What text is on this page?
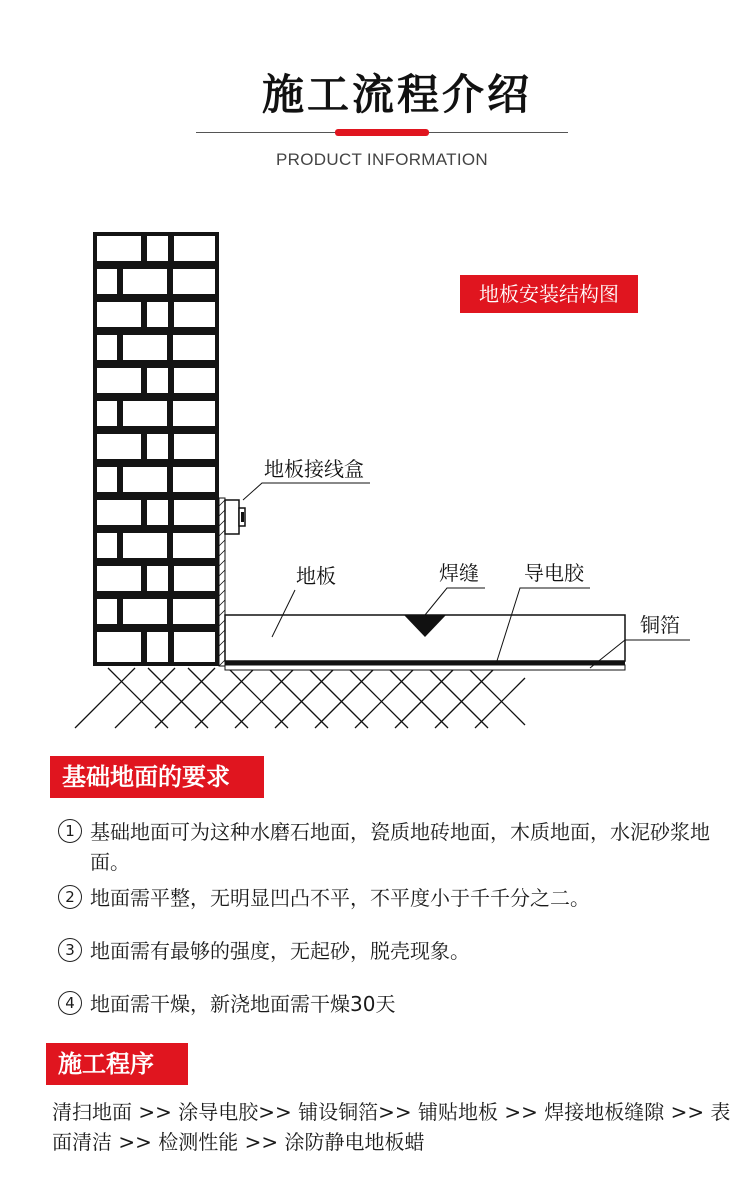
施工流程介绍
PRODUCT INFORMATION
地板接线盒
地板	焊缝 导电胶
铜箔
地板安装结构图
基础地面的要求
1 基础地面可为这种水磨石地面，瓷质地砖地面，木质地面，水泥砂浆地面。
2 地面需平整，无明显凹凸不平，不平度小于千千分之二。
3 地面需有最够的强度，无起砂，脱壳现象。
4 地面需干燥，新浇地面需干燥30天
施工程序
清扫地面 >> 涂导电胶>> 铺设铜箔>> 铺贴地板 >> 焊接地板缝隙 >> 表面清洁 >> 检测性能 >> 涂防静电地板蜡
